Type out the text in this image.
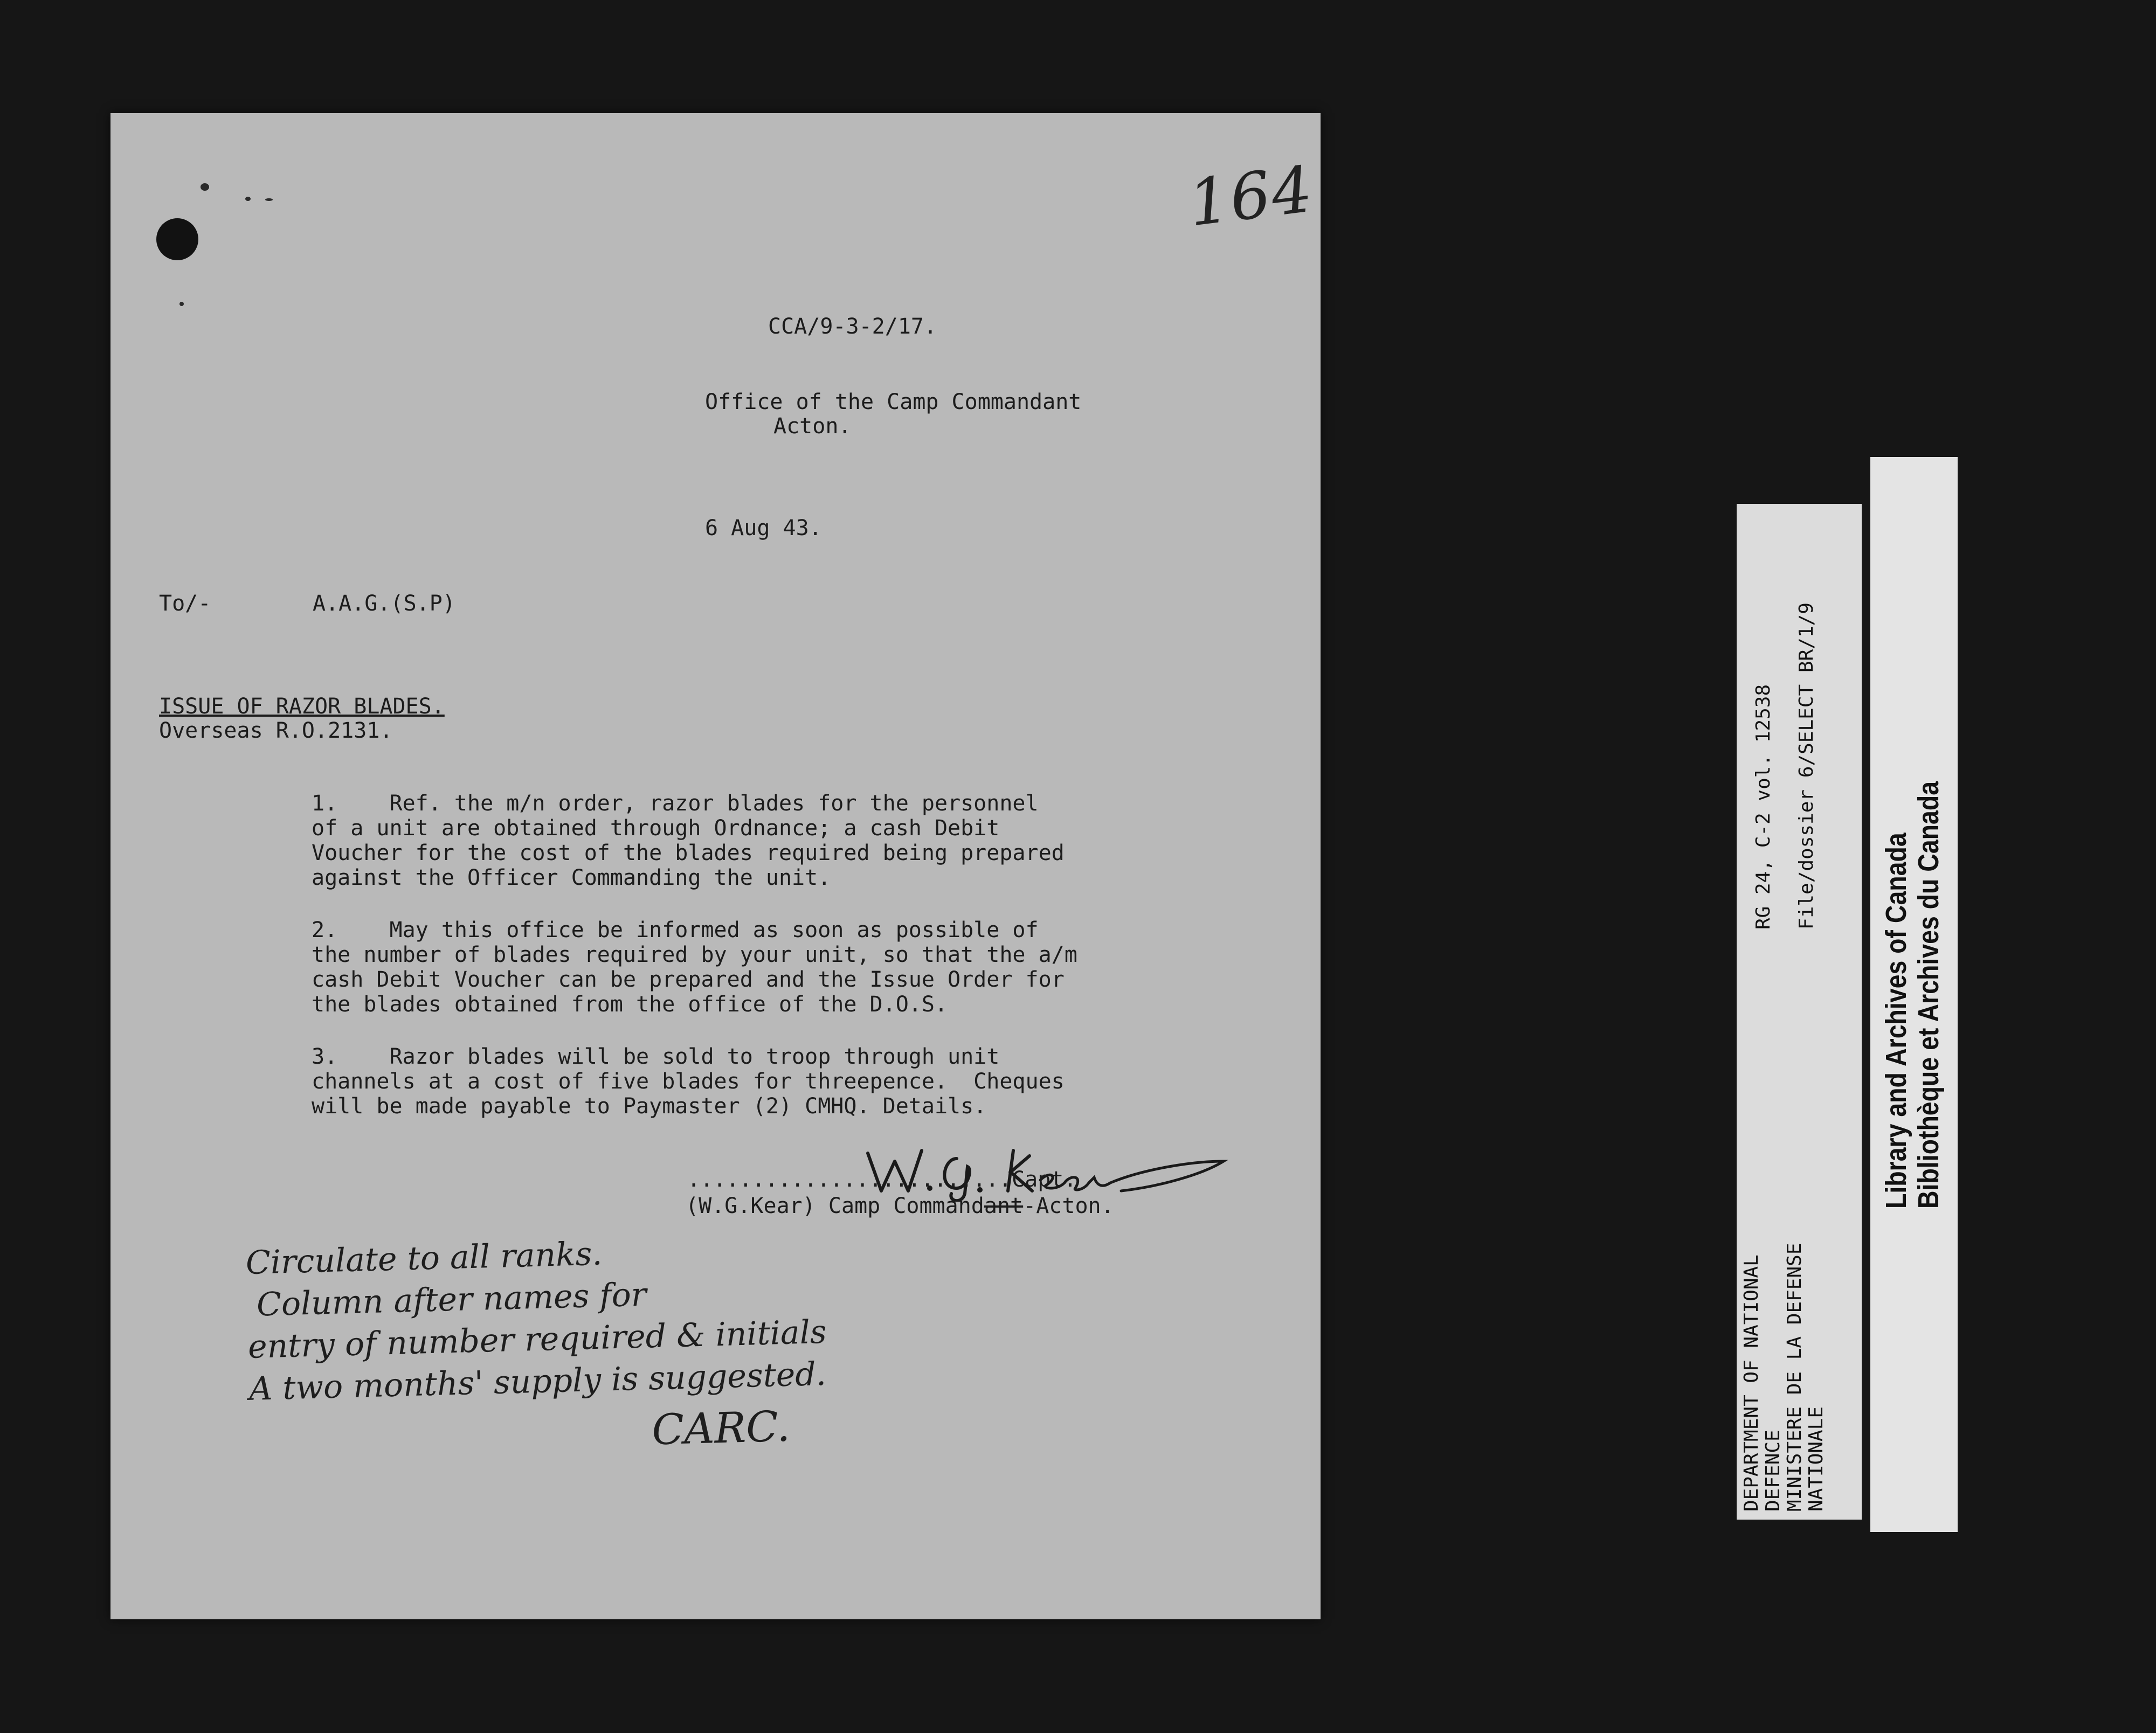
164
CCA/9-3-2/17.
Office of the Camp Commandant
Acton.
6 Aug 43.
To/-	A.A.G.(S.P)
ISSUE OF RAZOR BLADES.
Overseas R.O.2131.
1.    Ref. the m/n order, razor blades for the personnel
of a unit are obtained through Ordnance; a cash Debit
Voucher for the cost of the blades required being prepared
against the Officer Commanding the unit.
2.    May this office be informed as soon as possible of
the number of blades required by your unit, so that the a/m
cash Debit Voucher can be prepared and the Issue Order for
the blades obtained from the office of the D.O.S.
3.    Razor blades will be sold to troop through unit
channels at a cost of five blades for threepence.  Cheques
will be made payable to Paymaster (2) CMHQ. Details.
.........................Capt.
(W.G.Kear) Camp Commandant-Acton.
Circulate to all ranks.
Column after names for
entry of number required & initials
A two months' supply is suggested.
CARC.	DEPARTMENT OF NATIONAL DEFENCE MINISTERE DE LA DEFENSE NATIONALE
RG 24, C-2 vol. 12538 File/dossier 6/SELECT BR/1/9
Library and Archives of Canada Bibliothèque et Archives du Canada
